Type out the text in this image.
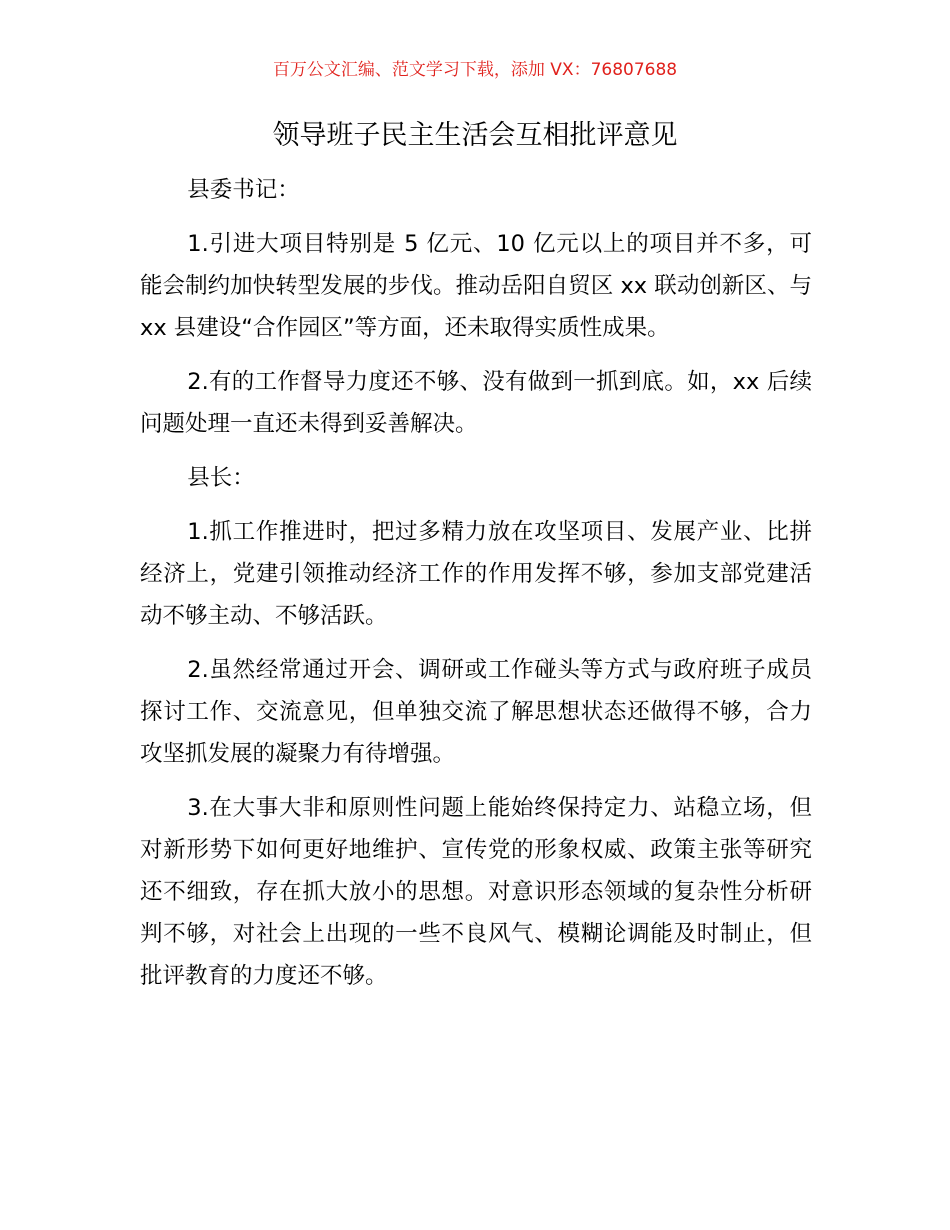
百万公文汇编、范文学习下载，添加 VX：76807688
领导班子民主生活会互相批评意见

县委书记：

1.引进大项目特别是 5 亿元、10 亿元以上的项目并不多，可能会制约加快转型发展的步伐。推动岳阳自贸区 xx 联动创新区、与 xx 县建设“合作园区”等方面，还未取得实质性成果。

2.有的工作督导力度还不够、没有做到一抓到底。如，xx 后续问题处理一直还未得到妥善解决。

县长：

1.抓工作推进时，把过多精力放在攻坚项目、发展产业、比拼经济上，党建引领推动经济工作的作用发挥不够，参加支部党建活动不够主动、不够活跃。

2.虽然经常通过开会、调研或工作碰头等方式与政府班子成员探讨工作、交流意见，但单独交流了解思想状态还做得不够，合力攻坚抓发展的凝聚力有待增强。

3.在大事大非和原则性问题上能始终保持定力、站稳立场，但对新形势下如何更好地维护、宣传党的形象权威、政策主张等研究还不细致，存在抓大放小的思想。对意识形态领域的复杂性分析研判不够，对社会上出现的一些不良风气、模糊论调能及时制止，但批评教育的力度还不够。
